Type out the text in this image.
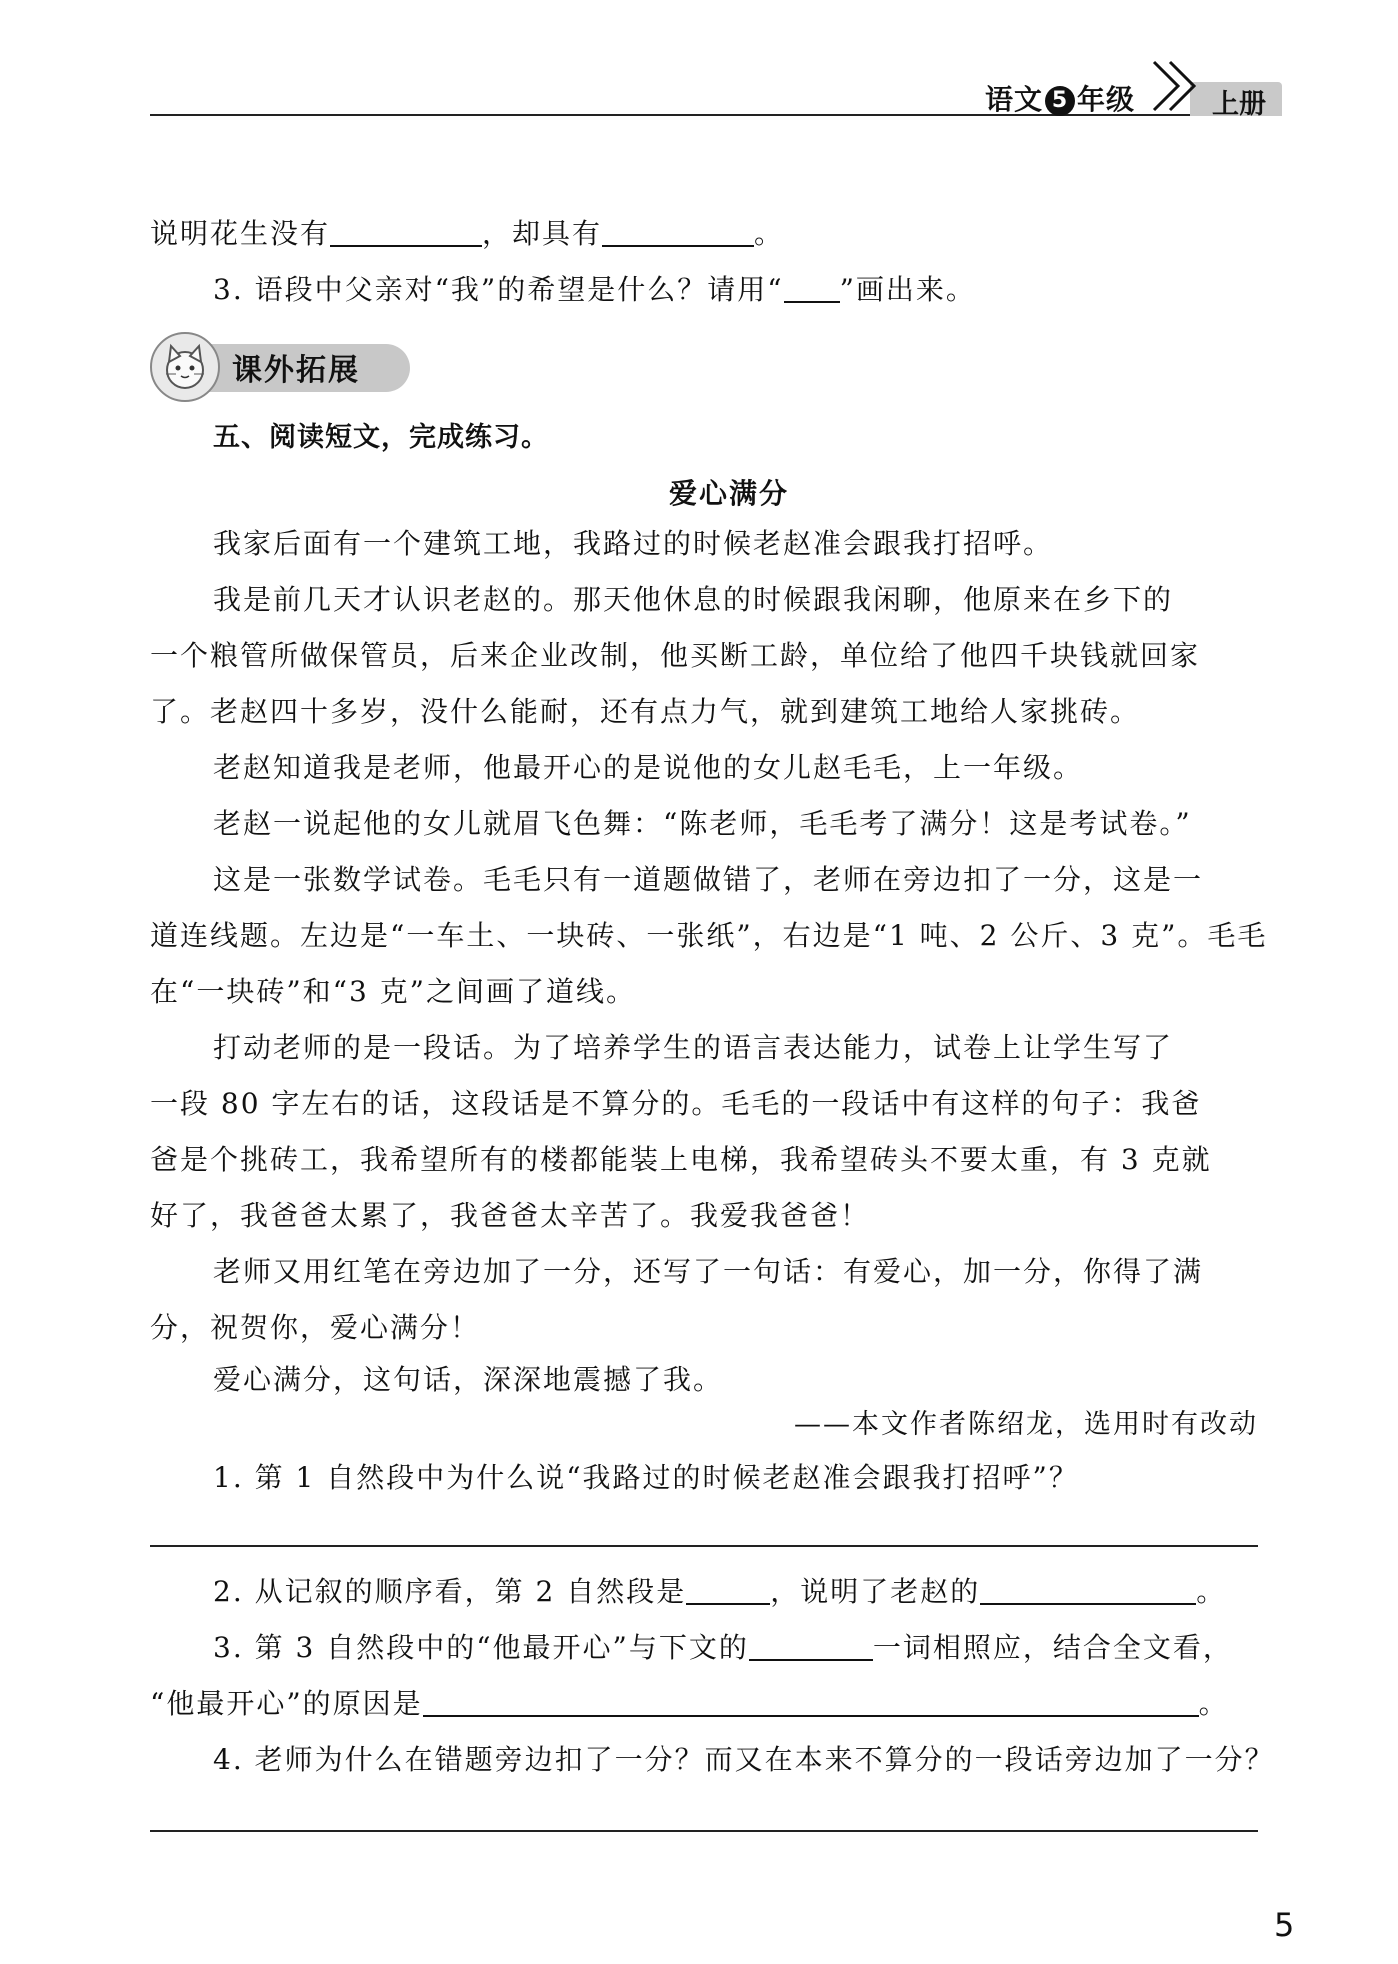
语文 5 年级	上册
说明花生没有	，却具有	。
3. 语段中父亲对“我”的希望是什么？请用“ ”画出来。
课外拓展
五、阅读短文，完成练习。
爱心满分
我家后面有一个建筑工地，我路过的时候老赵准会跟我打招呼。
我是前几天才认识老赵的。那天他休息的时候跟我闲聊，他原来在乡下的
一个粮管所做保管员，后来企业改制，他买断工龄，单位给了他四千块钱就回家
了。老赵四十多岁，没什么能耐，还有点力气，就到建筑工地给人家挑砖。
老赵知道我是老师，他最开心的是说他的女儿赵毛毛，上一年级。
老赵一说起他的女儿就眉飞色舞：“陈老师，毛毛考了满分！这是考试卷。”
这是一张数学试卷。毛毛只有一道题做错了，老师在旁边扣了一分，这是一
道连线题。左边是“一车土、一块砖、一张纸”，右边是“1 吨、2 公斤、3 克”。毛毛
在“一块砖”和“3 克”之间画了道线。
打动老师的是一段话。为了培养学生的语言表达能力，试卷上让学生写了
一段 80 字左右的话，这段话是不算分的。毛毛的一段话中有这样的句子：我爸
爸是个挑砖工，我希望所有的楼都能装上电梯，我希望砖头不要太重，有 3 克就
好了，我爸爸太累了，我爸爸太辛苦了。我爱我爸爸！
老师又用红笔在旁边加了一分，还写了一句话：有爱心，加一分，你得了满
分，祝贺你，爱心满分！
爱心满分，这句话，深深地震撼了我。
——本文作者陈绍龙，选用时有改动
1. 第 1 自然段中为什么说“我路过的时候老赵准会跟我打招呼”？
2. 从记叙的顺序看，第 2 自然段是	，说明了老赵的	。
3. 第 3 自然段中的“他最开心”与下文的	一词相照应，结合全文看，
“他最开心”的原因是	。
4. 老师为什么在错题旁边扣了一分？而又在本来不算分的一段话旁边加了一分？
5
